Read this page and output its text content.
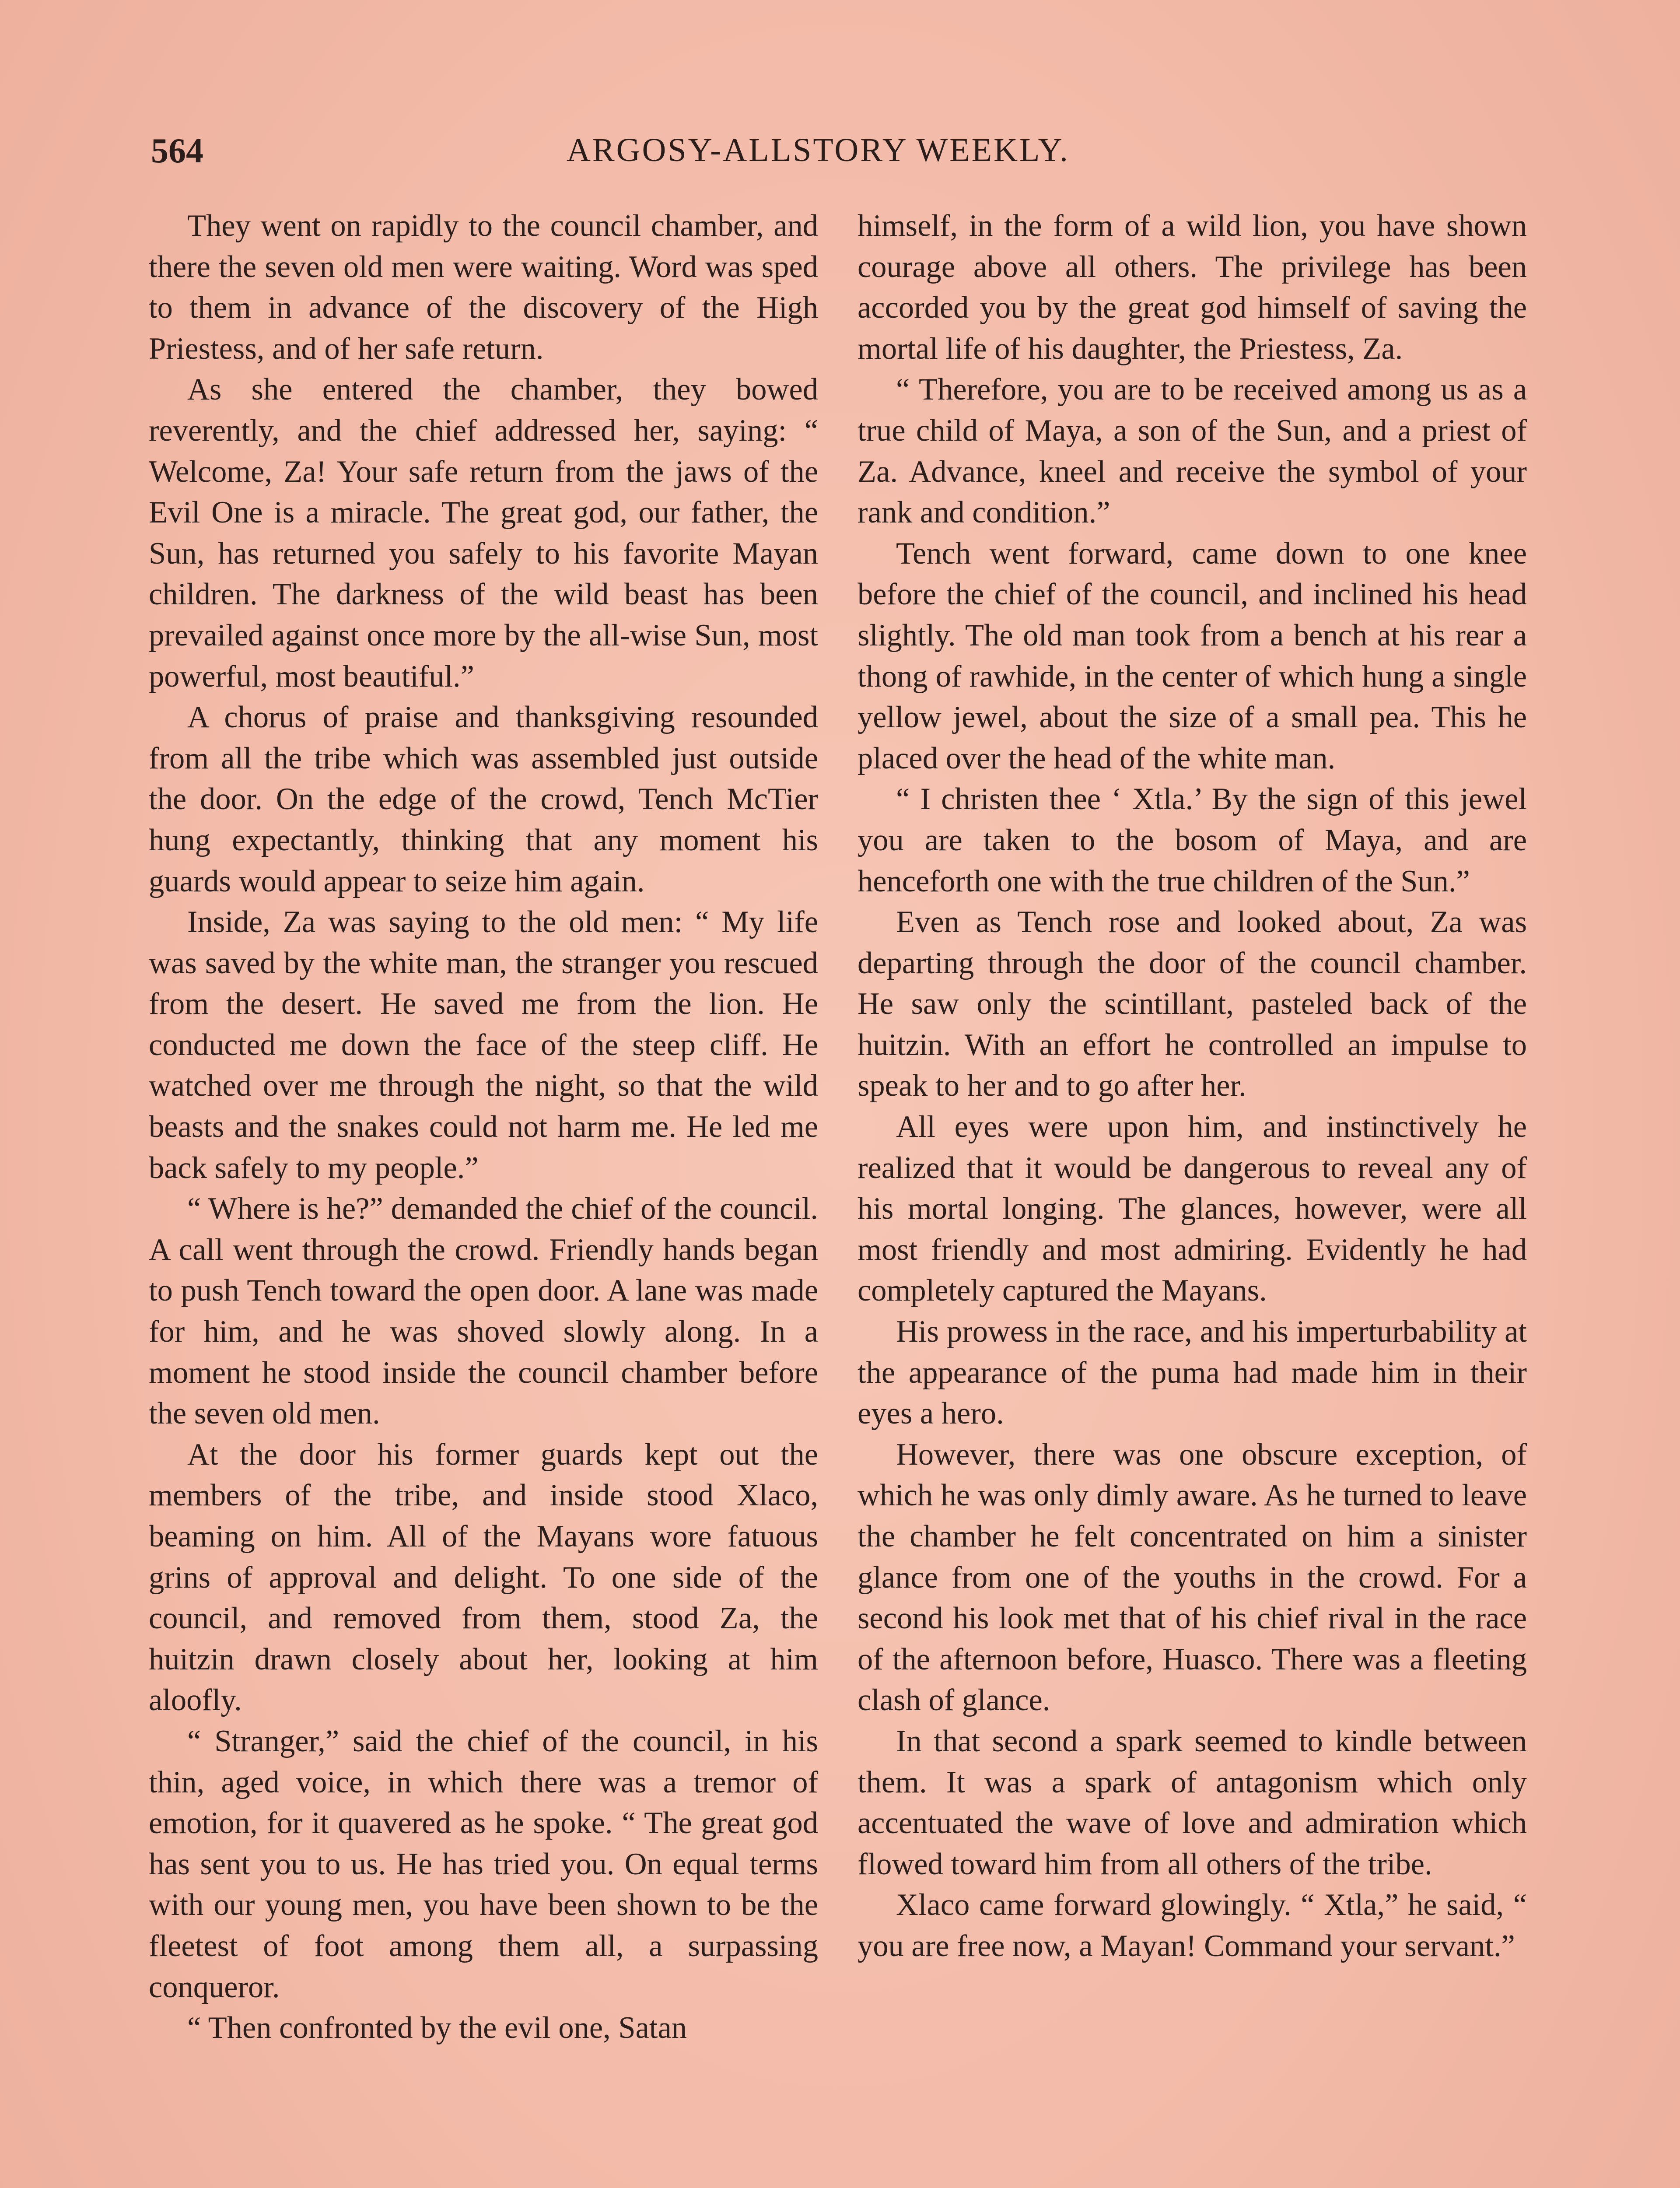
564	ARGOSY-ALLSTORY WEEKLY.

They went on rapidly to the council chamber, and there the seven old men were waiting. Word was sped to them in advance of the discovery of the High Priestess, and of her safe return.

As she entered the chamber, they bowed reverently, and the chief addressed her, saying: “ Welcome, Za! Your safe return from the jaws of the Evil One is a miracle. The great god, our father, the Sun, has returned you safely to his favorite Mayan children. The darkness of the wild beast has been prevailed against once more by the all-wise Sun, most powerful, most beautiful.”

A chorus of praise and thanksgiving resounded from all the tribe which was assembled just outside the door. On the edge of the crowd, Tench McTier hung expectantly, thinking that any moment his guards would appear to seize him again.

Inside, Za was saying to the old men: “ My life was saved by the white man, the stranger you rescued from the desert. He saved me from the lion. He conducted me down the face of the steep cliff. He watched over me through the night, so that the wild beasts and the snakes could not harm me. He led me back safely to my people.”

“ Where is he?” demanded the chief of the council. A call went through the crowd. Friendly hands began to push Tench toward the open door. A lane was made for him, and he was shoved slowly along. In a moment he stood inside the council chamber before the seven old men.

At the door his former guards kept out the members of the tribe, and inside stood Xlaco, beaming on him. All of the Mayans wore fatuous grins of approval and delight. To one side of the council, and removed from them, stood Za, the huitzin drawn closely about her, looking at him aloofly.

“ Stranger,” said the chief of the council, in his thin, aged voice, in which there was a tremor of emotion, for it quavered as he spoke. “ The great god has sent you to us. He has tried you. On equal terms with our young men, you have been shown to be the fleetest of foot among them all, a surpassing conqueror.

“ Then confronted by the evil one, Satan

himself, in the form of a wild lion, you have shown courage above all others. The privilege has been accorded you by the great god himself of saving the mortal life of his daughter, the Priestess, Za.

“ Therefore, you are to be received among us as a true child of Maya, a son of the Sun, and a priest of Za. Advance, kneel and receive the symbol of your rank and condition.”

Tench went forward, came down to one knee before the chief of the council, and inclined his head slightly. The old man took from a bench at his rear a thong of rawhide, in the center of which hung a single yellow jewel, about the size of a small pea. This he placed over the head of the white man.

“ I christen thee ‘ Xtla.’ By the sign of this jewel you are taken to the bosom of Maya, and are henceforth one with the true children of the Sun.”

Even as Tench rose and looked about, Za was departing through the door of the council chamber. He saw only the scintillant, pasteled back of the huitzin. With an effort he controlled an impulse to speak to her and to go after her.

All eyes were upon him, and instinctively he realized that it would be dangerous to reveal any of his mortal longing. The glances, however, were all most friendly and most admiring. Evidently he had completely captured the Mayans.

His prowess in the race, and his imperturbability at the appearance of the puma had made him in their eyes a hero.

However, there was one obscure exception, of which he was only dimly aware. As he turned to leave the chamber he felt concentrated on him a sinister glance from one of the youths in the crowd. For a second his look met that of his chief rival in the race of the afternoon before, Huasco. There was a fleeting clash of glance.

In that second a spark seemed to kindle between them. It was a spark of antagonism which only accentuated the wave of love and admiration which flowed toward him from all others of the tribe.

Xlaco came forward glowingly. “ Xtla,” he said, “ you are free now, a Mayan! Command your servant.”
